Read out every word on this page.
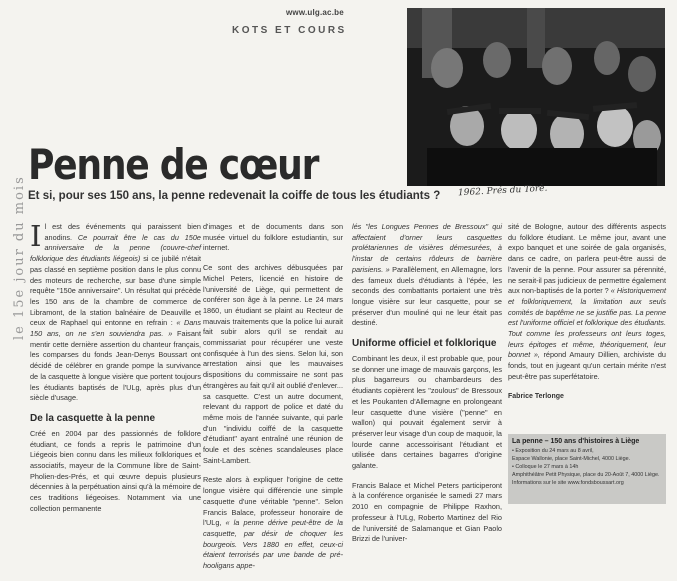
www.ulg.ac.be
KOTS ET COURS
1962. Prés du Torè.
Penne de cœur
Et si, pour ses 150 ans, la penne redevenait la coiffe de tous les étudiants ?
le 15e jour du mois Il est des événements qui paraissent bien anodins. Ce pourrait être le cas du 150e anniversaire de la penne (couvre-chef folklorique des étudiants liégeois) si ce jubilé n'était pas classé en septième position dans le plus connu des moteurs de recherche, sur base d'une simple requête "150e anniversaire". Un résultat qui précède les 150 ans de la chambre de commerce de Libramont, de la station balnéaire de Deauville et ceux de Raphael qui entonne en refrain : « Dans 150 ans, on ne s'en souviendra pas. » Faisant mentir cette dernière assertion du chanteur français, les comparses du fonds Jean-Denys Boussart ont décidé de célébrer en grande pompe la survivance de la casquette à longue visière que portent toujours les étudiants baptisés de l'ULg, après plus d'un siècle d'usage.

De la casquette à la penne

Créé en 2004 par des passionnés de folklore étudiant, ce fonds a repris le patrimoine d'un Liégeois bien connu dans les milieux folkloriques et associatifs, mayeur de la Commune libre de Saint-Pholien-des-Prés, et qui œuvre depuis plusieurs décennies à la perpétuation ainsi qu'à la mémoire de ces traditions liégeoises. Notamment via une collection permanente

d'images et de documents dans son musée virtuel du folklore estudiantin, sur internet.

Ce sont des archives débusquées par Michel Peters, licencié en histoire de l'université de Liège, qui permettent de conférer son âge à la penne. Le 24 mars 1860, un étudiant se plaint au Recteur de mauvais traitements que la police lui aurait fait subir alors qu'il se rendait au commissariat pour récupérer une veste confisquée à l'un des siens. Selon lui, son arrestation ainsi que les mauvaises dispositions du commissaire ne sont pas étrangères au fait qu'il ait oublié d'enlever... sa casquette. C'est un autre document, relevant du rapport de police et daté du même mois de l'année suivante, qui parle d'un "individu coiffé de la casquette d'étudiant" ayant entraîné une réunion de foule et des scènes scandaleuses place Saint-Lambert.

Reste alors à expliquer l'origine de cette longue visière qui différencie une simple casquette d'une véritable "penne". Selon Francis Balace, professeur honoraire de l'ULg, « la penne dérive peut-être de la casquette, par désir de choquer les bourgeois. Vers 1880 en effet, ceux-ci étaient terrorisés par une bande de pré-hooligans appe-

lés "les Longues Pennes de Bressoux" qui affectaient d'orner leurs casquettes prolétariennes de visières démesurées, à l'instar de certains rôdeurs de barrière parisiens. » Parallèlement, en Allemagne, lors des fameux duels d'étudiants à l'épée, les seconds des combattants portaient une très longue visière sur leur casquette, pour se préserver d'un mouliné qui ne leur était pas destiné.

Uniforme officiel et folklorique

Combinant les deux, il est probable que, pour se donner une image de mauvais garçons, les plus bagarreurs ou chambardeurs des étudiants copièrent les "zoulous" de Bressoux et les Poukanten d'Allemagne en prolongeant leur casquette d'une visière ("penne" en wallon) qui pouvait également servir à préserver leur visage d'un coup de maquoir, la lourde canne accessoirisant l'étudiant et utilisée dans certaines bagarres d'origine galante.

Francis Balace et Michel Peters participeront à la conférence organisée le samedi 27 mars 2010 en compagnie de Philippe Raxhon, professeur à l'ULg, Roberto Martinez del Rio de l'université de Salamanque et Gian Paolo Brizzi de l'univer-

sité de Bologne, autour des différents aspects du folklore étudiant. Le même jour, avant une expo banquet et une soirée de gala organisés, dans ce cadre, on parlera peut-être aussi de l'avenir de la penne. Pour assurer sa pérennité, ne serait-il pas judicieux de permettre également aux non-baptisés de la porter ? « Historiquement et folkloriquement, la limitation aux seuls comités de baptême ne se justifie pas. La penne est l'uniforme officiel et folklorique des étudiants. Tout comme les professeurs ont leurs toges, leurs épitoges et même, théoriquement, leur bonnet », répond Amaury Dillien, archiviste du fonds, tout en jugeant qu'un certain mérite n'est peut-être pas superfétatoire.

Fabrice Terlonge
La penne – 150 ans d'histoires à Liège
• Exposition du 24 mars au 8 avril,
Espace Wallonie, place Saint-Michel, 4000 Liège.
• Colloque le 27 mars à 14h
Amphithéâtre Petit Physique, place du 20-Août 7, 4000 Liège.
Informations sur le site www.fondsboussart.org
